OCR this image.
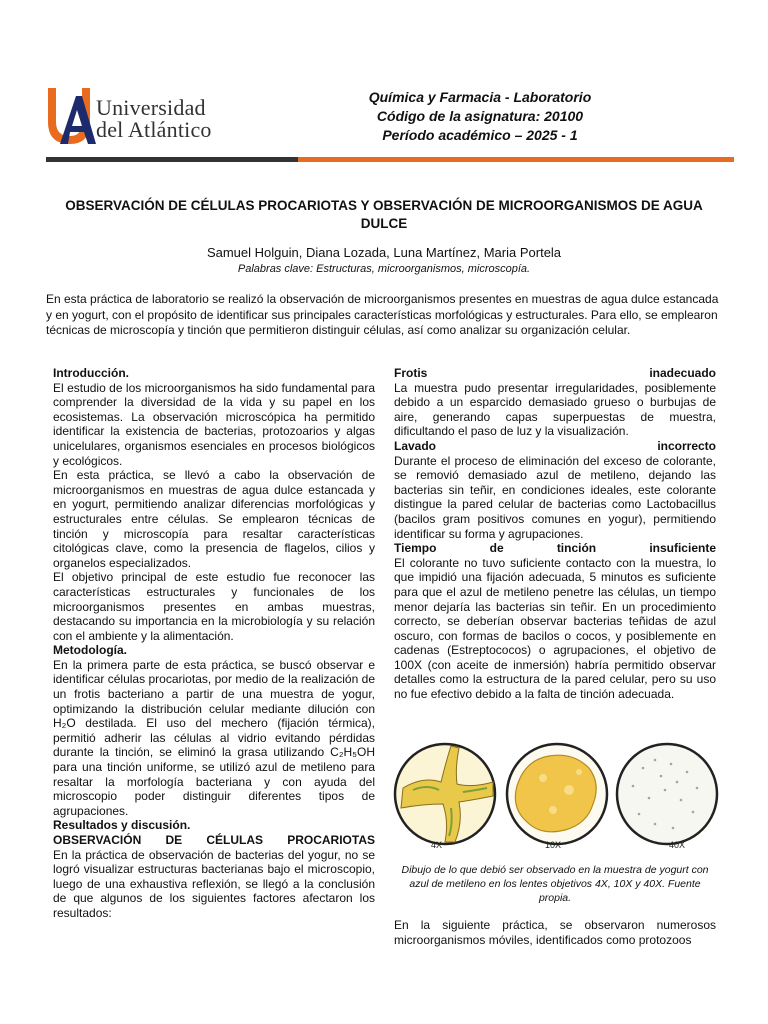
Universidad
del Atlántico
Química y Farmacia - Laboratorio
Código de la asignatura: 20100
Período académico – 2025 - 1
OBSERVACIÓN DE CÉLULAS PROCARIOTAS Y OBSERVACIÓN DE MICROORGANISMOS DE AGUA DULCE
Samuel Holguin, Diana Lozada, Luna Martínez, Maria Portela
Palabras clave: Estructuras, microorganismos, microscopía.
En esta práctica de laboratorio se realizó la observación de microorganismos presentes en muestras de agua dulce estancada y en yogurt, con el propósito de identificar sus principales características morfológicas y estructurales. Para ello, se emplearon técnicas de microscopía y tinción que permitieron distinguir células, así como analizar su organización celular.

Introducción.

El estudio de los microorganismos ha sido fundamental para comprender la diversidad de la vida y su papel en los ecosistemas. La observación microscópica ha permitido identificar la existencia de bacterias, protozoarios y algas unicelulares, organismos esenciales en procesos biológicos y ecológicos.

En esta práctica, se llevó a cabo la observación de microorganismos en muestras de agua dulce estancada y en yogurt, permitiendo analizar diferencias morfológicas y estructurales entre células. Se emplearon técnicas de tinción y microscopía para resaltar características citológicas clave, como la presencia de flagelos, cilios y organelos especializados.

El objetivo principal de este estudio fue reconocer las características estructurales y funcionales de los microorganismos presentes en ambas muestras, destacando su importancia en la microbiología y su relación con el ambiente y la alimentación.

Metodología.

En la primera parte de esta práctica, se buscó observar e identificar células procariotas, por medio de la realización de un frotis bacteriano a partir de una muestra de yogur, optimizando la distribución celular mediante dilución con H₂O destilada. El uso del mechero (fijación térmica), permitió adherir las células al vidrio evitando pérdidas durante la tinción, se eliminó la grasa utilizando C₂H₅OH para una tinción uniforme, se utilizó azul de metileno para resaltar la morfología bacteriana y con ayuda del microscopio poder distinguir diferentes tipos de agrupaciones.

Resultados y discusión.

OBSERVACIÓN DE CÉLULAS PROCARIOTAS

En la práctica de observación de bacterias del yogur, no se logró visualizar estructuras bacterianas bajo el microscopio, luego de una exhaustiva reflexión, se llegó a la conclusión de que algunos de los siguientes factores afectaron los resultados:

Frotis	inadecuado

La muestra pudo presentar irregularidades, posiblemente debido a un esparcido demasiado grueso o burbujas de aire, generando capas superpuestas de muestra, dificultando el paso de luz y la visualización.

Lavado	incorrecto

Durante el proceso de eliminación del exceso de colorante, se removió demasiado azul de metileno, dejando las bacterias sin teñir, en condiciones ideales, este colorante distingue la pared celular de bacterias como Lactobacillus (bacilos gram positivos comunes en yogur), permitiendo identificar su forma y agrupaciones.

Tiempo	de	tinción	insuficiente

El colorante no tuvo suficiente contacto con la muestra, lo que impidió una fijación adecuada, 5 minutos es suficiente para que el azul de metileno penetre las células, un tiempo menor dejaría las bacterias sin teñir. En un procedimiento correcto, se deberían observar bacterias teñidas de azul oscuro, con formas de bacilos o cocos, y posiblemente en cadenas (Estreptococos) o agrupaciones, el objetivo de 100X (con aceite de inmersión) habría permitido observar detalles como la estructura de la pared celular, pero su uso no fue efectivo debido a la falta de tinción adecuada.

4X	10X	40X
Dibujo de lo que debió ser observado en la muestra de yogurt con azul de metileno en los lentes objetivos 4X, 10X y 40X. Fuente propia.
En la siguiente práctica, se observaron numerosos microorganismos móviles, identificados como protozoos
